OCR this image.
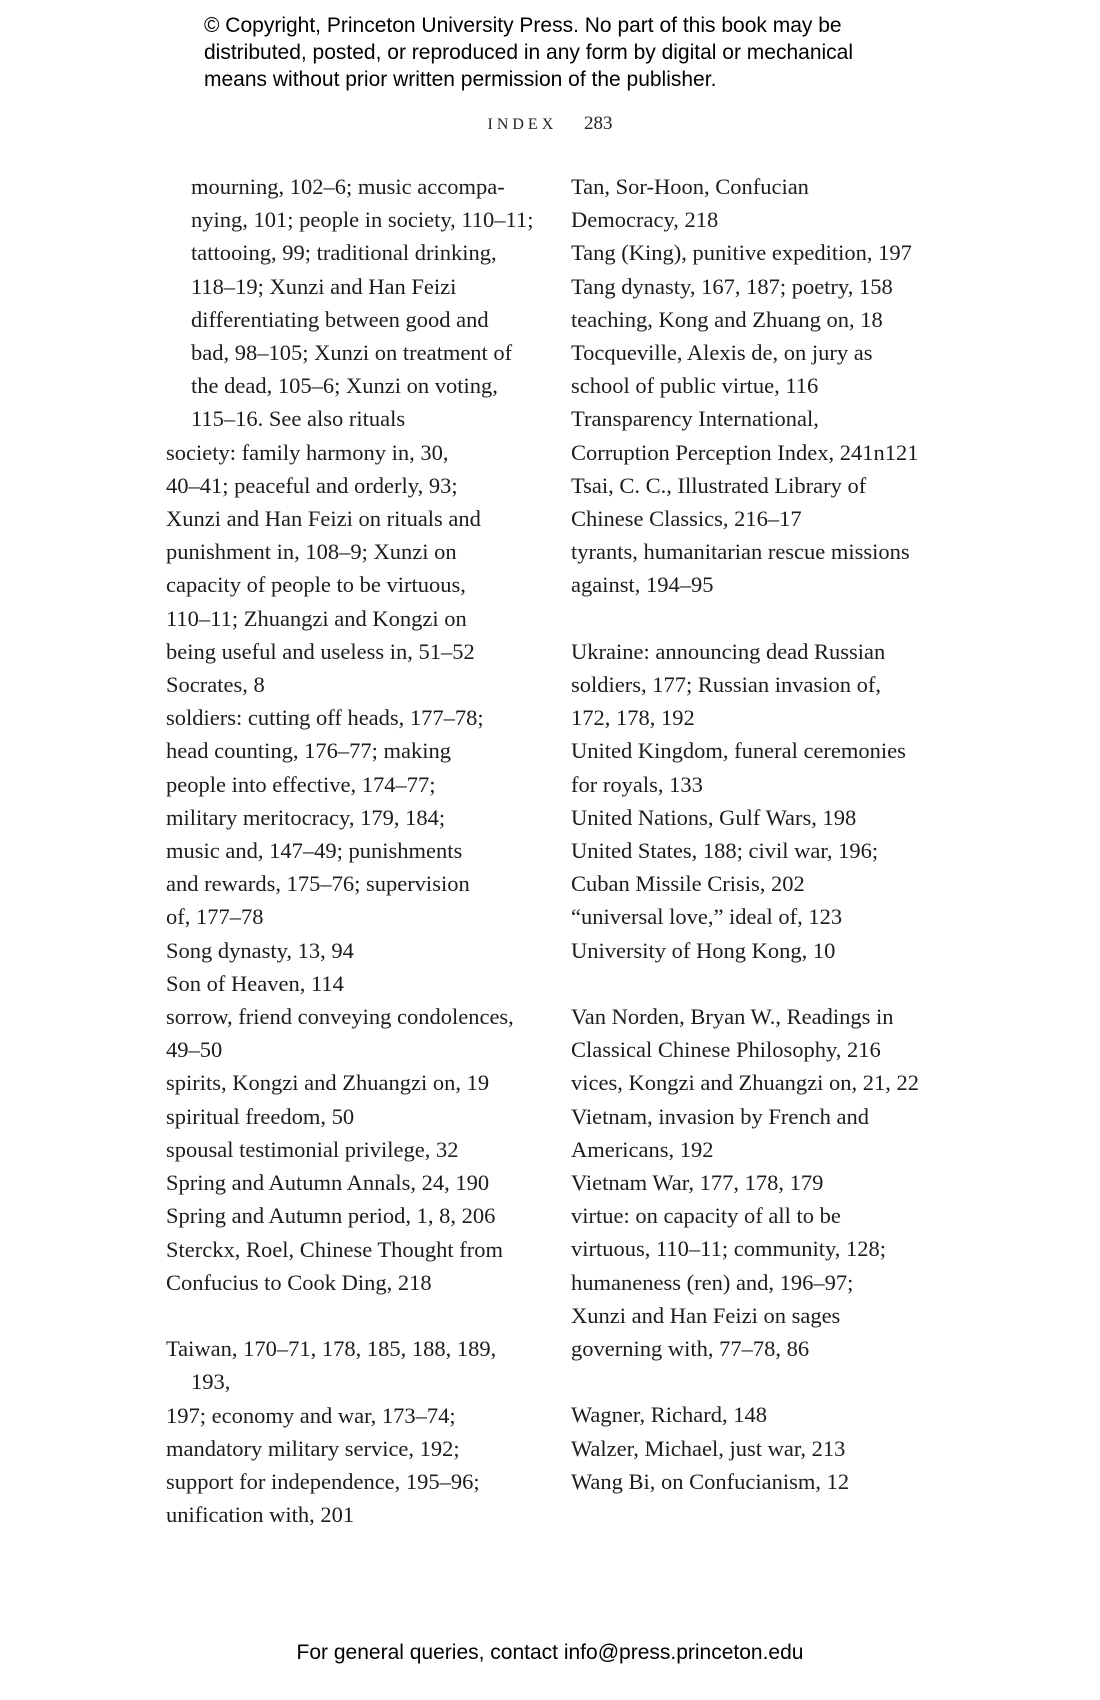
© Copyright, Princeton University Press. No part of this book may be
distributed, posted, or reproduced in any form by digital or mechanical
means without prior written permission of the publisher.
INDEX 283
mourning, 102–6; music accompa-
nying, 101; people in society, 110–11;
tattooing, 99; traditional drinking,
118–19; Xunzi and Han Feizi
differentiating between good and
bad, 98–105; Xunzi on treatment of
the dead, 105–6; Xunzi on voting,
115–16. See also rituals
society: family harmony in, 30,
40–41; peaceful and orderly, 93;
Xunzi and Han Feizi on rituals and
punishment in, 108–9; Xunzi on
capacity of people to be virtuous,
110–11; Zhuangzi and Kongzi on
being useful and useless in, 51–52
Socrates, 8
soldiers: cutting off heads, 177–78;
head counting, 176–77; making
people into effective, 174–77;
military meritocracy, 179, 184;
music and, 147–49; punishments
and rewards, 175–76; supervision
of, 177–78
Song dynasty, 13, 94
Son of Heaven, 114
sorrow, friend conveying condolences,
49–50
spirits, Kongzi and Zhuangzi on, 19
spiritual freedom, 50
spousal testimonial privilege, 32
Spring and Autumn Annals, 24, 190
Spring and Autumn period, 1, 8, 206
Sterckx, Roel, Chinese Thought from
Confucius to Cook Ding, 218
Taiwan, 170–71, 178, 185, 188, 189, 193,
197; economy and war, 173–74;
mandatory military service, 192;
support for independence, 195–96;
unification with, 201
Tan, Sor-Hoon, Confucian
Democracy, 218
Tang (King), punitive expedition, 197
Tang dynasty, 167, 187; poetry, 158
teaching, Kong and Zhuang on, 18
Tocqueville, Alexis de, on jury as
school of public virtue, 116
Transparency International,
Corruption Perception Index, 241n121
Tsai, C. C., Illustrated Library of
Chinese Classics, 216–17
tyrants, humanitarian rescue missions
against, 194–95
Ukraine: announcing dead Russian
soldiers, 177; Russian invasion of,
172, 178, 192
United Kingdom, funeral ceremonies
for royals, 133
United Nations, Gulf Wars, 198
United States, 188; civil war, 196;
Cuban Missile Crisis, 202
“universal love,” ideal of, 123
University of Hong Kong, 10
Van Norden, Bryan W., Readings in
Classical Chinese Philosophy, 216
vices, Kongzi and Zhuangzi on, 21, 22
Vietnam, invasion by French and
Americans, 192
Vietnam War, 177, 178, 179
virtue: on capacity of all to be
virtuous, 110–11; community, 128;
humaneness (ren) and, 196–97;
Xunzi and Han Feizi on sages
governing with, 77–78, 86
Wagner, Richard, 148
Walzer, Michael, just war, 213
Wang Bi, on Confucianism, 12
For general queries, contact info@press.princeton.edu
